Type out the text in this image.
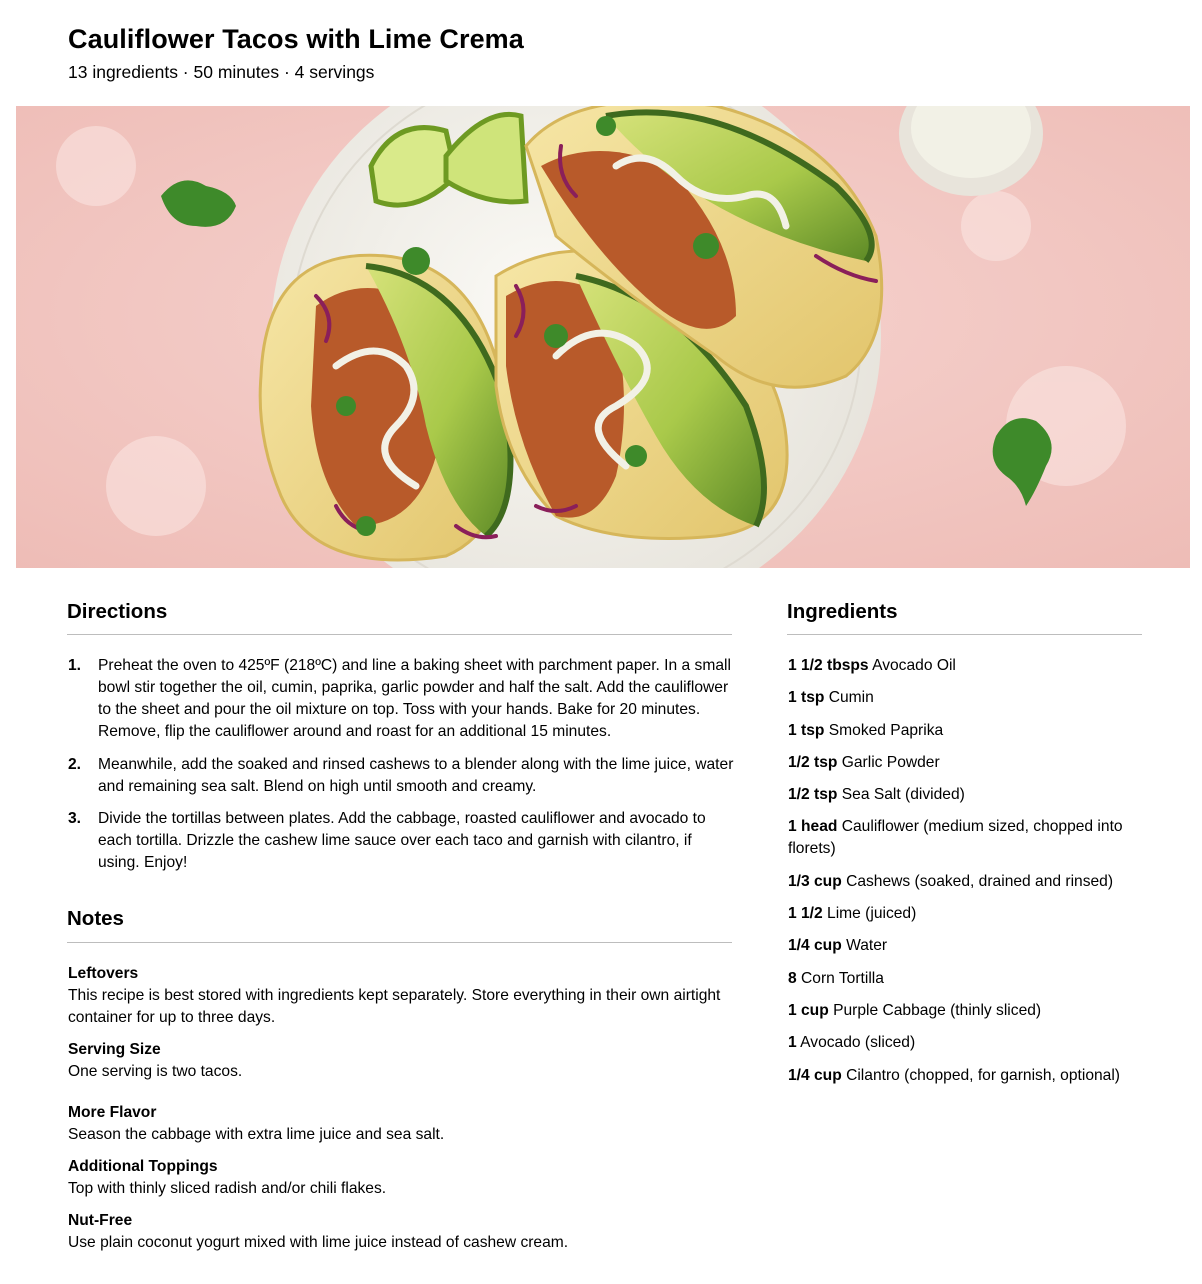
Cauliflower Tacos with Lime Crema
13 ingredients · 50 minutes · 4 servings
Directions
1.	Preheat the oven to 425ºF (218ºC) and line a baking sheet with parchment paper. In a small bowl stir together the oil, cumin, paprika, garlic powder and half the salt. Add the cauliflower to the sheet and pour the oil mixture on top. Toss with your hands. Bake for 20 minutes. Remove, flip the cauliflower around and roast for an additional 15 minutes.
2.	Meanwhile, add the soaked and rinsed cashews to a blender along with the lime juice, water and remaining sea salt. Blend on high until smooth and creamy.
3.	Divide the tortillas between plates. Add the cabbage, roasted cauliflower and avocado to each tortilla. Drizzle the cashew lime sauce over each taco and garnish with cilantro, if using. Enjoy!
Notes
Leftovers
This recipe is best stored with ingredients kept separately. Store everything in their own airtight container for up to three days.
Serving Size
One serving is two tacos.
More Flavor
Season the cabbage with extra lime juice and sea salt.
Additional Toppings
Top with thinly sliced radish and/or chili flakes.
Nut-Free
Use plain coconut yogurt mixed with lime juice instead of cashew cream.
Ingredients
1 1/2 tbsps Avocado Oil
1 tsp Cumin
1 tsp Smoked Paprika
1/2 tsp Garlic Powder
1/2 tsp Sea Salt (divided)
1 head Cauliflower (medium sized, chopped into florets)
1/3 cup Cashews (soaked, drained and rinsed)
1 1/2 Lime (juiced)
1/4 cup Water
8 Corn Tortilla
1 cup Purple Cabbage (thinly sliced)
1 Avocado (sliced)
1/4 cup Cilantro (chopped, for garnish, optional)
